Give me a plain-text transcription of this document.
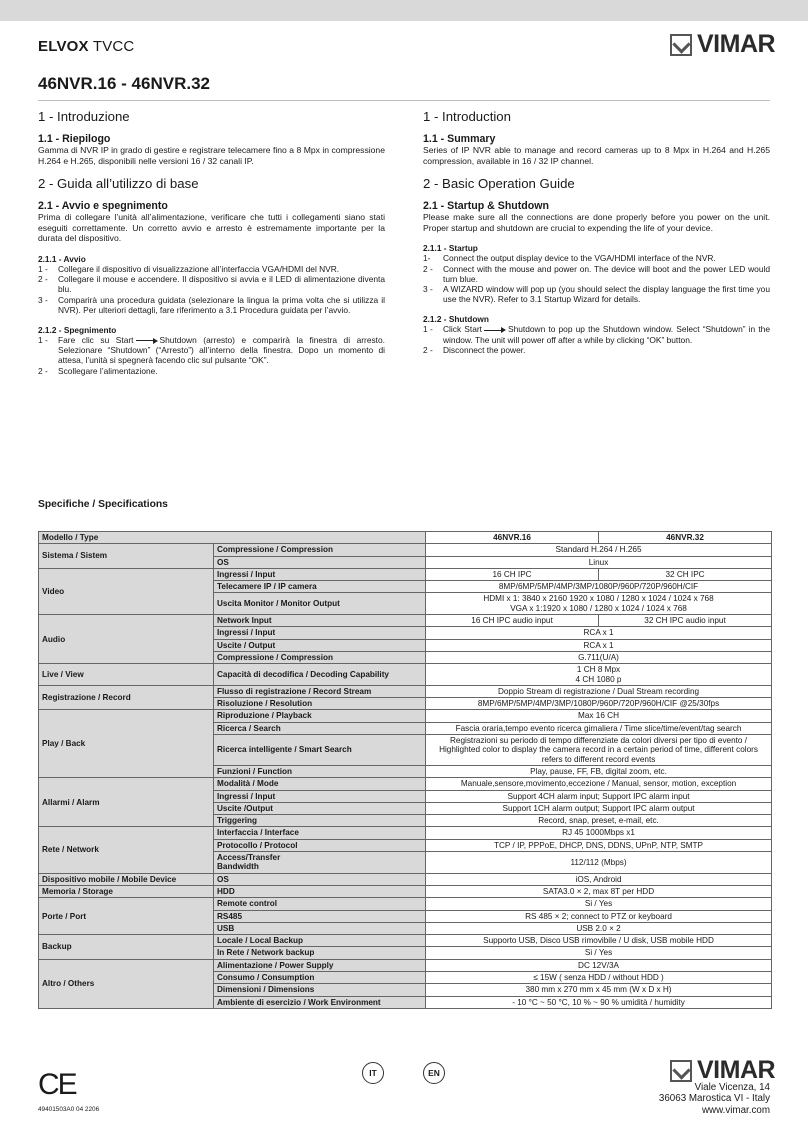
ELVOX TVCC	VIMAR
46NVR.16 - 46NVR.32
1 - Introduzione
1.1 - Riepilogo

Gamma di NVR IP in grado di gestire e registrare telecamere fino a 8 Mpx in compressione H.264 e H.265, disponibili nelle versioni 16 / 32 canali IP.

2 - Guida all’utilizzo di base
2.1 - Avvio e spegnimento

Prima di collegare l’unità all’alimentazione, verificare che tutti i collegamenti siano stati eseguiti correttamente. Un corretto avvio e arresto è estremamente importante per la durata del dispositivo.

2.1.1 - Avvio
1 -	Collegare il dispositivo di visualizzazione all’interfaccia VGA/HDMI del NVR.
2 -	Collegare il mouse e accendere. Il dispositivo si avvia e il LED di alimentazione diventa blu.
3 -	Comparirà una procedura guidata (selezionare la lingua la prima volta che si utilizza il NVR). Per ulteriori dettagli, fare riferimento a 3.1 Procedura guidata per l’avvio.
2.1.2 - Spegnimento
1 -	Fare clic su Start	Shutdown (arresto) e comparirà la finestra di arresto. Selezionare “Shutdown” (“Arresto”) all’interno della finestra. Dopo un momento di attesa, l’unità si spegnerà facendo clic sul pulsante “OK”.
2 -	Scollegare l’alimentazione.
1 - Introduction
1.1 - Summary

Series of IP NVR able to manage and record cameras up to 8 Mpx in H.264 and H.265 compression, available in 16 / 32 IP channel.

2 - Basic Operation Guide
2.1 - Startup & Shutdown

Please make sure all the connections are done properly before you power on the unit. Proper startup and shutdown are crucial to expending the life of your device.

2.1.1 - Startup
1-	Connect the output display device to the VGA/HDMI interface of the NVR.
2 -	Connect with the mouse and power on. The device will boot and the power LED would turn blue.
3 -	A WIZARD window will pop up (you should select the display language the first time you use the NVR). Refer to 3.1 Startup Wizard for details.
2.1.2 - Shutdown
1 -	Click Start	Shutdown to pop up the Shutdown window. Select “Shutdown” in the window. The unit will power off after a while by clicking “OK” button.
2 -	Disconnect the power.
Specifiche / Specifications
Modello / Type		46NVR.16	46NVR.32
Sistema / Sistem	Compressione / Compression	Standard H.264 / H.265	
	OS	Linux	
Video	Ingressi / Input	16 CH IPC	32 CH IPC
	Telecamere IP / IP camera	8MP/6MP/5MP/4MP/3MP/1080P/960P/720P/960H/CIF	
	Uscita Monitor / Monitor Output	HDMI x 1: 3840 x 2160 1920 x 1080 / 1280 x 1024 / 1024 x 768
VGA x 1:1920 x 1080 / 1280 x 1024 / 1024 x 768	
Audio	Network Input	16 CH IPC audio input	32 CH IPC audio input
	Ingressi / Input	RCA x 1	
	Uscite / Output	RCA x 1	
	Compressione / Compression	G.711(U/A)	
Live / View	Capacità di decodifica / Decoding Capability	1 CH 8 Mpx
4 CH 1080 p	
Registrazione / Record	Flusso di registrazione / Record Stream	Doppio Stream di registrazione / Dual Stream recording	
	Risoluzione / Resolution	8MP/6MP/5MP/4MP/3MP/1080P/960P/720P/960H/CIF @25/30fps	
Play / Back	Riproduzione / Playback	Max 16 CH	
	Ricerca / Search	Fascia oraria,tempo evento ricerca girnaliera / Time slice/time/event/tag search	
	Ricerca intelligente / Smart Search	Registrazioni su periodo di tempo differenziate da colori diversi per tipo di evento / Highlighted color to display the camera record in a certain period of time, different colors refers to different record events	
	Funzioni / Function	Play, pause, FF, FB, digital zoom, etc.	
Allarmi / Alarm	Modalità / Mode	Manuale,sensore,movimento,eccezione / Manual, sensor, motion, exception	
	Ingressi / Input	Support 4CH alarm input; Support IPC alarm input	
	Uscite /Output	Support 1CH alarm output; Support IPC alarm output	
	Triggering	Record, snap, preset, e-mail, etc.	
Rete / Network	Interfaccia / Interface	RJ 45 1000Mbps x1	
	Protocollo / Protocol	TCP / IP, PPPoE, DHCP, DNS, DDNS, UPnP, NTP, SMTP	
	Access/Transfer
Bandwidth	112/112 (Mbps)	
Dispositivo mobile / Mobile Device	OS	iOS, Android	
Memoria / Storage	HDD	SATA3.0 × 2, max 8T per HDD	
Porte / Port	Remote control	Si / Yes	
	RS485	RS 485 × 2; connect to PTZ or keyboard	
	USB	USB 2.0 × 2	
Backup	Locale / Local Backup	Supporto USB, Disco USB rimovibile / U disk, USB mobile HDD	
	In Rete / Network backup	Si / Yes	
Altro / Others	Alimentazione / Power Supply	DC 12V/3A	
	Consumo / Consumption	≤ 15W ( senza HDD / without HDD )	
	Dimensioni / Dimensions	380 mm x 270 mm x 45 mm (W x D x H)	
	Ambiente di esercizio / Work Environment	- 10 °C ~ 50 °C, 10 % ~ 90 % umidità / humidity	
CE
49401503A0 04 2206
IT	EN	VIMAR
Viale Vicenza, 14
36063 Marostica VI - Italy
www.vimar.com
